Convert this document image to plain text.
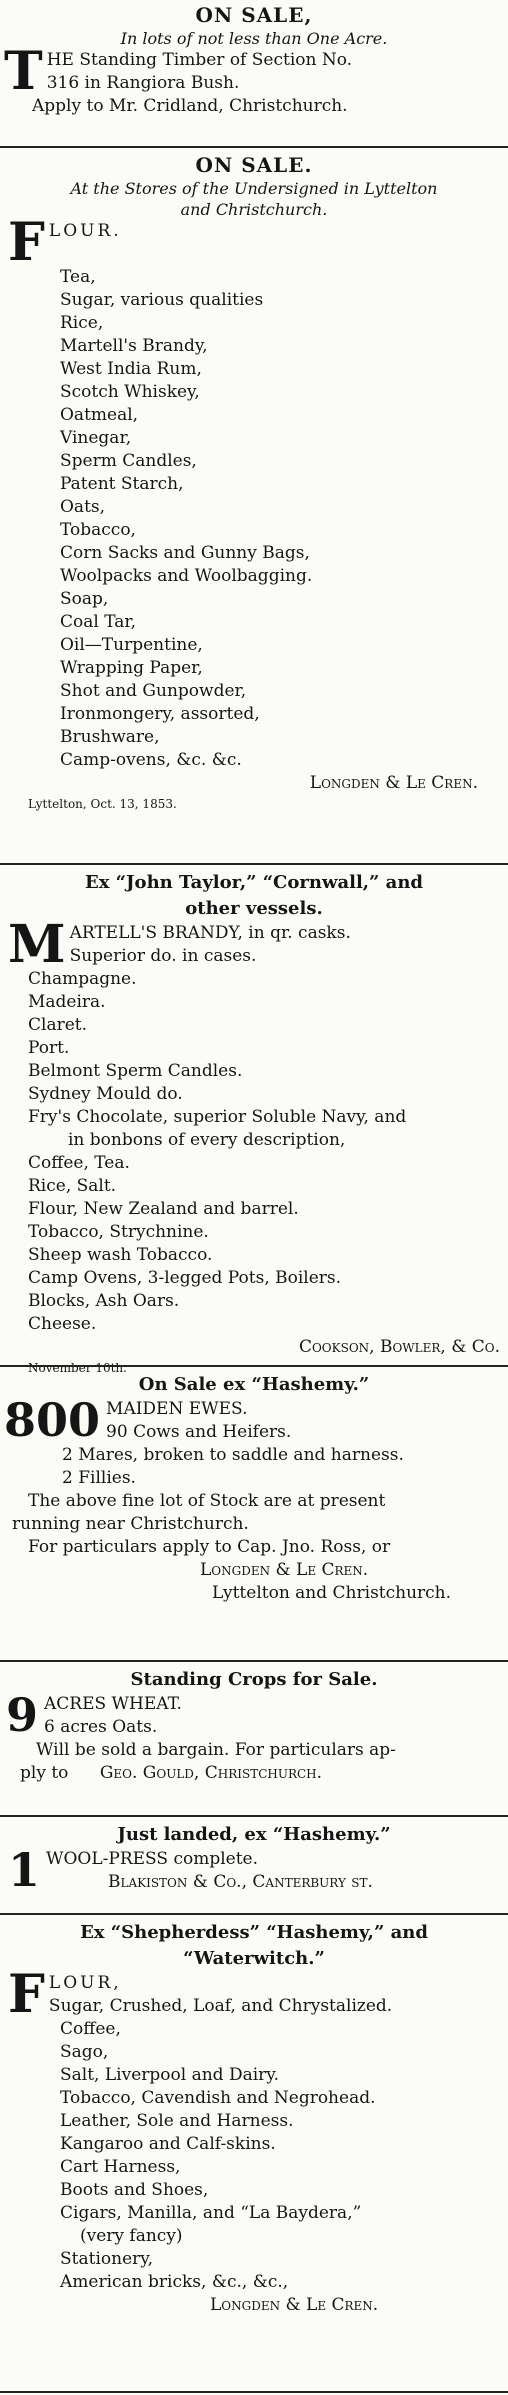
ON SALE,

In lots of not less than One Acre.

T HE Standing Timber of Section No.

316 in Rangiora Bush.

Apply to Mr. Cridland, Christchurch.

ON SALE.

At the Stores of the Undersigned in Lyttelton

and Christchurch.

F LOUR.

Tea,

Sugar, various qualities

Rice,

Martell's Brandy,

West India Rum,

Scotch Whiskey,

Oatmeal,

Vinegar,

Sperm Candles,

Patent Starch,

Oats,

Tobacco,

Corn Sacks and Gunny Bags,

Woolpacks and Woolbagging.

Soap,

Coal Tar,

Oil—Turpentine,

Wrapping Paper,

Shot and Gunpowder,

Ironmongery, assorted,

Brushware,

Camp-ovens, &c. &c.

Longden & Le Cren.

Lyttelton, Oct. 13, 1853.

Ex “John Taylor,” “Cornwall,” and

other vessels.

M ARTELL'S BRANDY, in qr. casks.

Superior do. in cases.

Champagne.

Madeira.

Claret.

Port.

Belmont Sperm Candles.

Sydney Mould do.

Fry's Chocolate, superior Soluble Navy, and

in bonbons of every description,

Coffee, Tea.

Rice, Salt.

Flour, New Zealand and barrel.

Tobacco, Strychnine.

Sheep wash Tobacco.

Camp Ovens, 3-legged Pots, Boilers.

Blocks, Ash Oars.

Cheese.

Cookson, Bowler, & Co.

November 10th.

On Sale ex “Hashemy.”

800 MAIDEN EWES.

90 Cows and Heifers.

2 Mares, broken to saddle and harness.

2 Fillies.

The above fine lot of Stock are at present

running near Christchurch.

For particulars apply to Cap. Jno. Ross, or

Longden & Le Cren.

Lyttelton and Christchurch.

Standing Crops for Sale.

9 ACRES WHEAT.

6 acres Oats.

Will be sold a bargain. For particulars ap-

ply to Geo. Gould, Christchurch.

Just landed, ex “Hashemy.”

1 WOOL-PRESS complete.

Blakiston & Co., Canterbury st.

Ex “Shepherdess” “Hashemy,” and

“Waterwitch.”

F LOUR,

Sugar, Crushed, Loaf, and Chrystalized.

Coffee,

Sago,

Salt, Liverpool and Dairy.

Tobacco, Cavendish and Negrohead.

Leather, Sole and Harness.

Kangaroo and Calf-skins.

Cart Harness,

Boots and Shoes,

Cigars, Manilla, and “La Baydera,”

(very fancy)

Stationery,

American bricks, &c., &c.,

Longden & Le Cren.
